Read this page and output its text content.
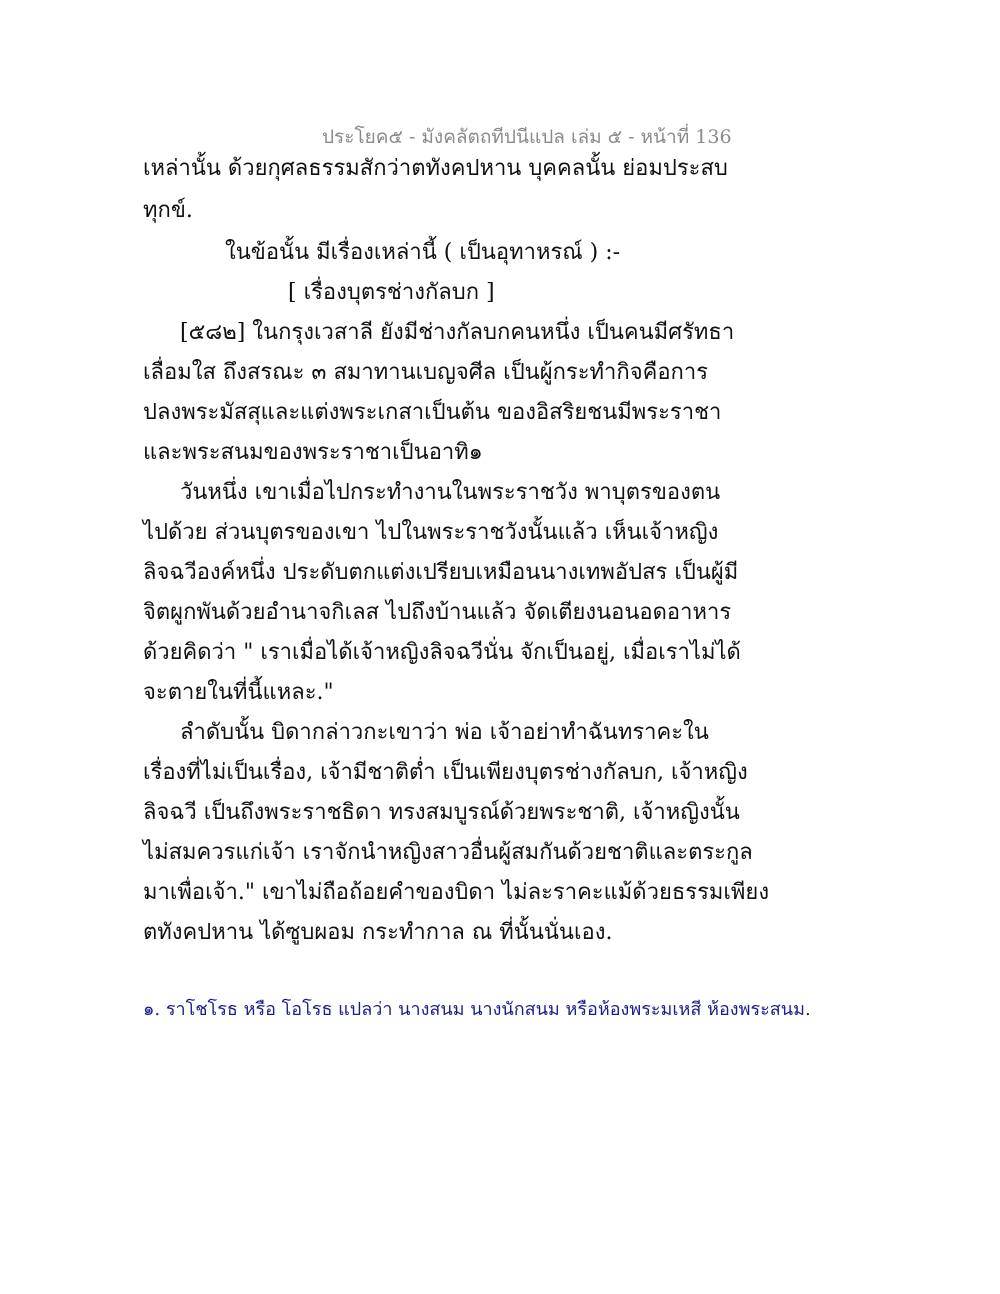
ประโยค๕ - มังคลัตถทีปนีแปล เล่ม ๕ - หน้าที่ 136
เหล่านั้น ด้วยกุศลธรรมสักว่าตทังคปหาน บุคคลนั้น ย่อมประสบ
ทุกข์.
ในข้อนั้น มีเรื่องเหล่านี้ ( เป็นอุทาหรณ์ ) :-
[ เรื่องบุตรช่างกัลบก ]
[๕๘๒] ในกรุงเวสาลี ยังมีช่างกัลบกคนหนึ่ง เป็นคนมีศรัทธา
เลื่อมใส ถึงสรณะ ๓ สมาทานเบญจศีล เป็นผู้กระทำกิจคือการ
ปลงพระมัสสุและแต่งพระเกสาเป็นต้น ของอิสริยชนมีพระราชา
และพระสนมของพระราชาเป็นอาทิ๑
วันหนึ่ง เขาเมื่อไปกระทำงานในพระราชวัง พาบุตรของตน
ไปด้วย ส่วนบุตรของเขา ไปในพระราชวังนั้นแล้ว เห็นเจ้าหญิง
ลิจฉวีองค์หนึ่ง ประดับตกแต่งเปรียบเหมือนนางเทพอัปสร เป็นผู้มี
จิตผูกพันด้วยอำนาจกิเลส ไปถึงบ้านแล้ว จัดเตียงนอนอดอาหาร
ด้วยคิดว่า " เราเมื่อได้เจ้าหญิงลิจฉวีนั่น จักเป็นอยู่, เมื่อเราไม่ได้
จะตายในที่นี้แหละ."
ลำดับนั้น บิดากล่าวกะเขาว่า พ่อ เจ้าอย่าทำฉันทราคะใน
เรื่องที่ไม่เป็นเรื่อง, เจ้ามีชาติต่ำ เป็นเพียงบุตรช่างกัลบก, เจ้าหญิง
ลิจฉวี เป็นถึงพระราชธิดา ทรงสมบูรณ์ด้วยพระชาติ, เจ้าหญิงนั้น
ไม่สมควรแก่เจ้า เราจักนำหญิงสาวอื่นผู้สมกันด้วยชาติและตระกูล
มาเพื่อเจ้า." เขาไม่ถือถ้อยคำของบิดา ไม่ละราคะแม้ด้วยธรรมเพียง
ตทังคปหาน ได้ซูบผอม กระทำกาล ณ ที่นั้นนั่นเอง.
๑. ราโชโรธ หรือ โอโรธ แปลว่า นางสนม นางนักสนม หรือห้องพระมเหสี ห้องพระสนม.
